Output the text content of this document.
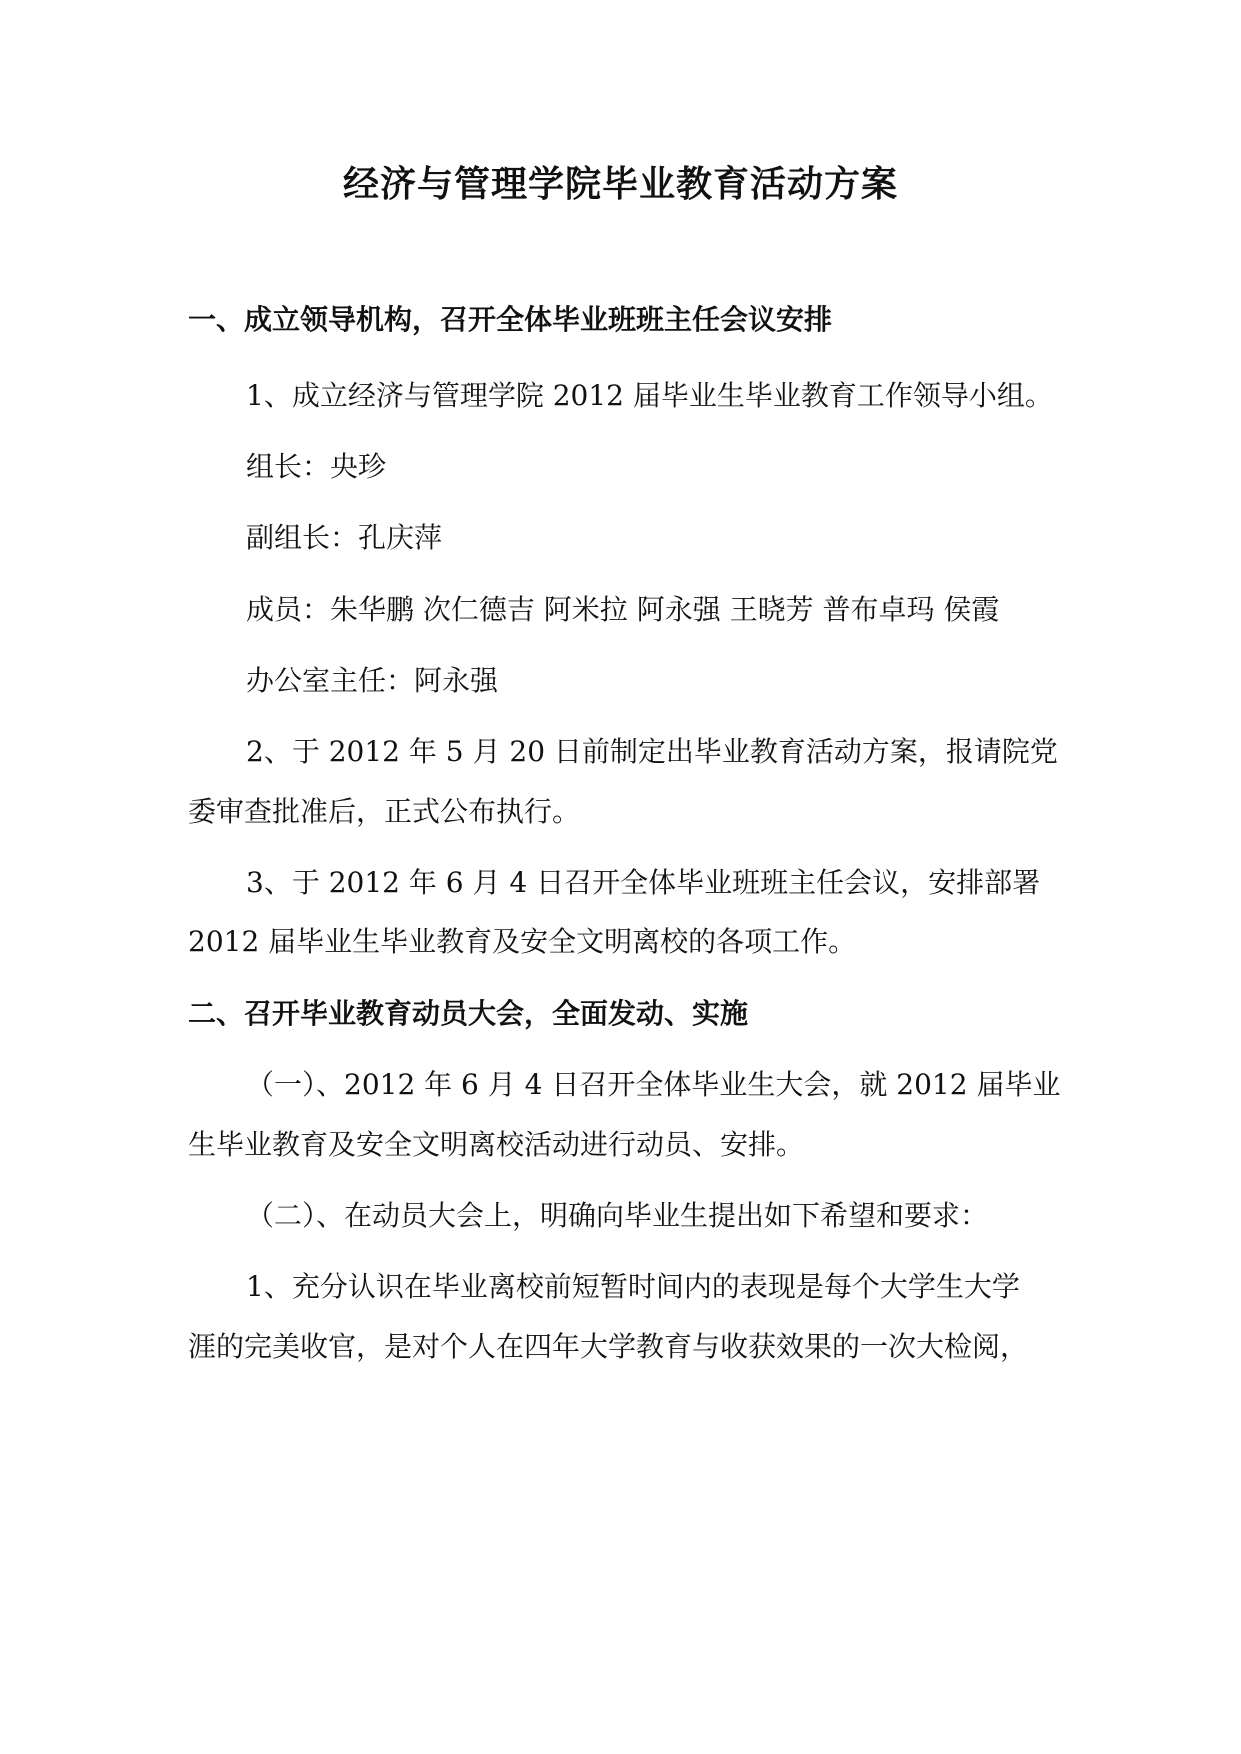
经济与管理学院毕业教育活动方案
一、成立领导机构，召开全体毕业班班主任会议安排
1、成立经济与管理学院 2012 届毕业生毕业教育工作领导小组。
组长：央珍
副组长：孔庆萍
成员：朱华鹏 次仁德吉 阿米拉 阿永强 王晓芳 普布卓玛 侯霞
办公室主任：阿永强
2、于 2012 年 5 月 20 日前制定出毕业教育活动方案，报请院党
委审查批准后，正式公布执行。
3、于 2012 年 6 月 4 日召开全体毕业班班主任会议，安排部署
2012 届毕业生毕业教育及安全文明离校的各项工作。
二、召开毕业教育动员大会，全面发动、实施
（一）、2012 年 6 月 4 日召开全体毕业生大会，就 2012 届毕业
生毕业教育及安全文明离校活动进行动员、安排。
（二）、在动员大会上，明确向毕业生提出如下希望和要求：
1、充分认识在毕业离校前短暂时间内的表现是每个大学生大学
涯的完美收官，是对个人在四年大学教育与收获效果的一次大检阅，
